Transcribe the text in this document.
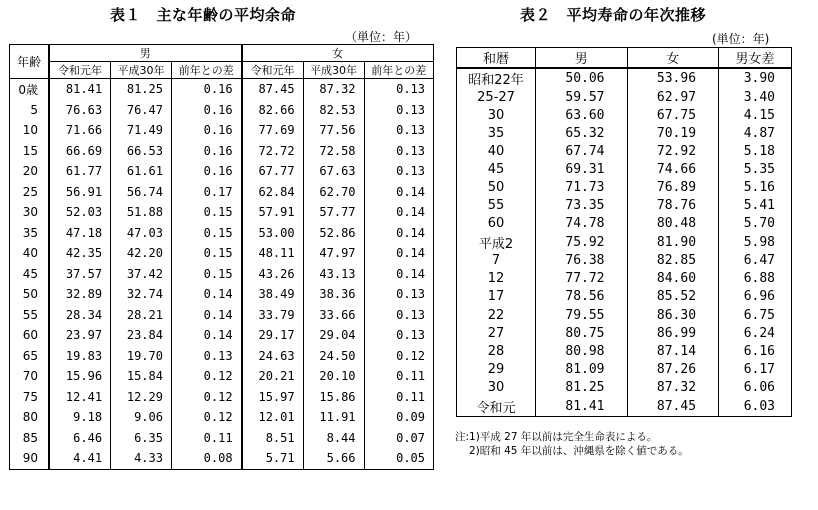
表１　主な年齢の平均余命
（単位：年）
年齢	男			女		
	令和元年	平成30年	前年との差	令和元年	平成30年	前年との差
0歳	81.41	81.25	0.16	87.45	87.32	0.13
5	76.63	76.47	0.16	82.66	82.53	0.13
10	71.66	71.49	0.16	77.69	77.56	0.13
15	66.69	66.53	0.16	72.72	72.58	0.13
20	61.77	61.61	0.16	67.77	67.63	0.13
25	56.91	56.74	0.17	62.84	62.70	0.14
30	52.03	51.88	0.15	57.91	57.77	0.14
35	47.18	47.03	0.15	53.00	52.86	0.14
40	42.35	42.20	0.15	48.11	47.97	0.14
45	37.57	37.42	0.15	43.26	43.13	0.14
50	32.89	32.74	0.14	38.49	38.36	0.13
55	28.34	28.21	0.14	33.79	33.66	0.13
60	23.97	23.84	0.14	29.17	29.04	0.13
65	19.83	19.70	0.13	24.63	24.50	0.12
70	15.96	15.84	0.12	20.21	20.10	0.11
75	12.41	12.29	0.12	15.97	15.86	0.11
80	9.18	9.06	0.12	12.01	11.91	0.09
85	6.46	6.35	0.11	8.51	8.44	0.07
90	4.41	4.33	0.08	5.71	5.66	0.05
表２　平均寿命の年次推移
(単位：年)
和暦	男	女	男女差
昭和22年	50.06	53.96	3.90
25-27	59.57	62.97	3.40
30	63.60	67.75	4.15
35	65.32	70.19	4.87
40	67.74	72.92	5.18
45	69.31	74.66	5.35
50	71.73	76.89	5.16
55	73.35	78.76	5.41
60	74.78	80.48	5.70
平成2	75.92	81.90	5.98
7	76.38	82.85	6.47
12	77.72	84.60	6.88
17	78.56	85.52	6.96
22	79.55	86.30	6.75
27	80.75	86.99	6.24
28	80.98	87.14	6.16
29	81.09	87.26	6.17
30	81.25	87.32	6.06
令和元	81.41	87.45	6.03
注:1)平成 27 年以前は完全生命表による。
2)昭和 45 年以前は、沖縄県を除く値である。
